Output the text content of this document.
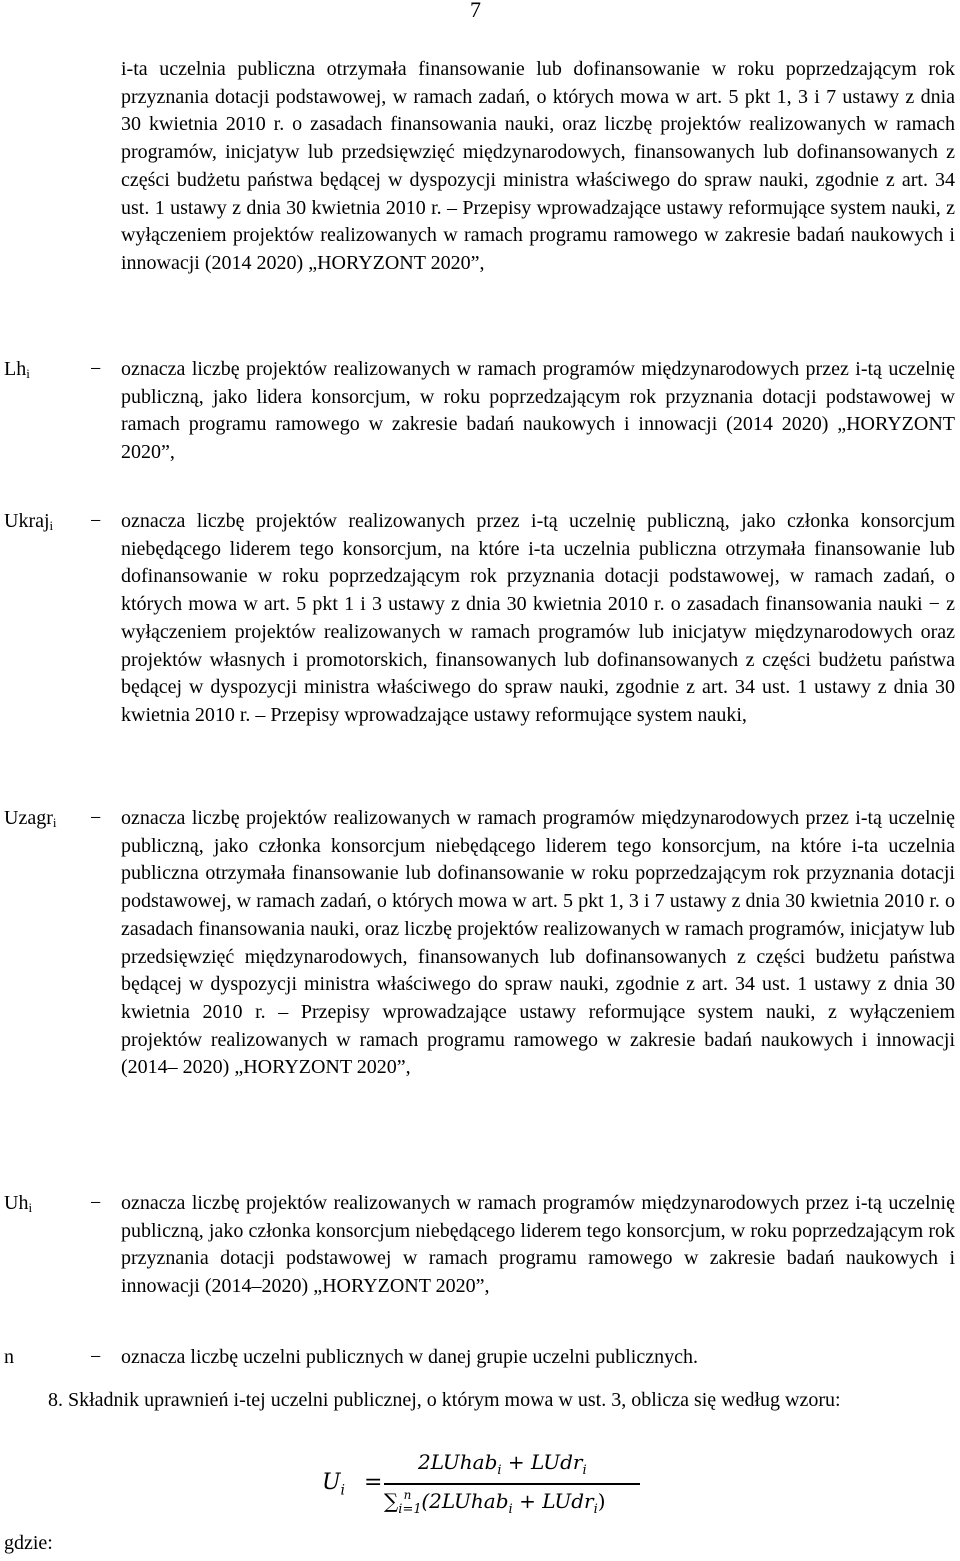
7
i-ta uczelnia publiczna otrzymała finansowanie lub dofinansowanie w roku poprzedzającym rok przyznania dotacji podstawowej, w ramach zadań, o których mowa w art. 5 pkt 1, 3 i 7 ustawy z dnia 30 kwietnia 2010 r. o zasadach finansowania nauki, oraz liczbę projektów realizowanych w ramach programów, inicjatyw lub przedsięwzięć międzynarodowych, finansowanych lub dofinansowanych z części budżetu państwa będącej w dyspozycji ministra właściwego do spraw nauki, zgodnie z art. 34 ust. 1 ustawy z dnia 30 kwietnia 2010 r. – Przepisy wprowadzające ustawy reformujące system nauki, z wyłączeniem projektów realizowanych w ramach programu ramowego w zakresie badań naukowych i innowacji (2014 2020) „HORYZONT 2020”,
$Lh_i$	− oznacza liczbę projektów realizowanych w ramach programów międzynarodowych przez i-tą uczelnię publiczną, jako lidera konsorcjum, w roku poprzedzającym rok przyznania dotacji podstawowej w ramach programu ramowego w zakresie badań naukowych i innowacji (2014 2020) „HORYZONT 2020”,
Ukraj$_i$ − oznacza liczbę projektów realizowanych przez i-tą uczelnię publiczną, jako członka konsorcjum niebędącego liderem tego konsorcjum, na które i-ta uczelnia publiczna otrzymała finansowanie lub dofinansowanie w roku poprzedzającym rok przyznania dotacji podstawowej, w ramach zadań, o których mowa w art. 5 pkt 1 i 3 ustawy z dnia 30 kwietnia 2010 r. o zasadach finansowania nauki − z wyłączeniem projektów realizowanych w ramach programów lub inicjatyw międzynarodowych oraz projektów własnych i promotorskich, finansowanych lub dofinansowanych z części budżetu państwa będącej w dyspozycji ministra właściwego do spraw nauki, zgodnie z art. 34 ust. 1 ustawy z dnia 30 kwietnia 2010 r. – Przepisy wprowadzające ustawy reformujące system nauki,
Uzagr$_i$ − oznacza liczbę projektów realizowanych w ramach programów międzynarodowych przez i-tą uczelnię publiczną, jako członka konsorcjum niebędącego liderem tego konsorcjum, na które i-ta uczelnia publiczna otrzymała finansowanie lub dofinansowanie w roku poprzedzającym rok przyznania dotacji podstawowej, w ramach zadań, o których mowa w art. 5 pkt 1, 3 i 7 ustawy z dnia 30 kwietnia 2010 r. o zasadach finansowania nauki, oraz liczbę projektów realizowanych w ramach programów, inicjatyw lub przedsięwzięć międzynarodowych, finansowanych lub dofinansowanych z części budżetu państwa będącej w dyspozycji ministra właściwego do spraw nauki, zgodnie z art. 34 ust. 1 ustawy z dnia 30 kwietnia 2010 r. – Przepisy wprowadzające ustawy reformujące system nauki, z wyłączeniem projektów realizowanych w ramach programu ramowego w zakresie badań naukowych i innowacji (2014– 2020) „HORYZONT 2020”,
$Uh_i$	− oznacza liczbę projektów realizowanych w ramach programów międzynarodowych przez i-tą uczelnię publiczną, jako członka konsorcjum niebędącego liderem tego konsorcjum, w roku poprzedzającym rok przyznania dotacji podstawowej w ramach programu ramowego w zakresie badań naukowych i innowacji (2014–2020) „HORYZONT 2020”,
n	− oznacza liczbę uczelni publicznych w danej grupie uczelni publicznych.
8. Składnik uprawnień i-tej uczelni publicznej, o którym mowa w ust. 3, oblicza się według wzoru:
$U_i$ =
2LUhab$_i$ + LUdr$_i$
$\sum_{i=1}^n$ (2LUhab$_i$ + LUdr$_i$)
gdzie:
